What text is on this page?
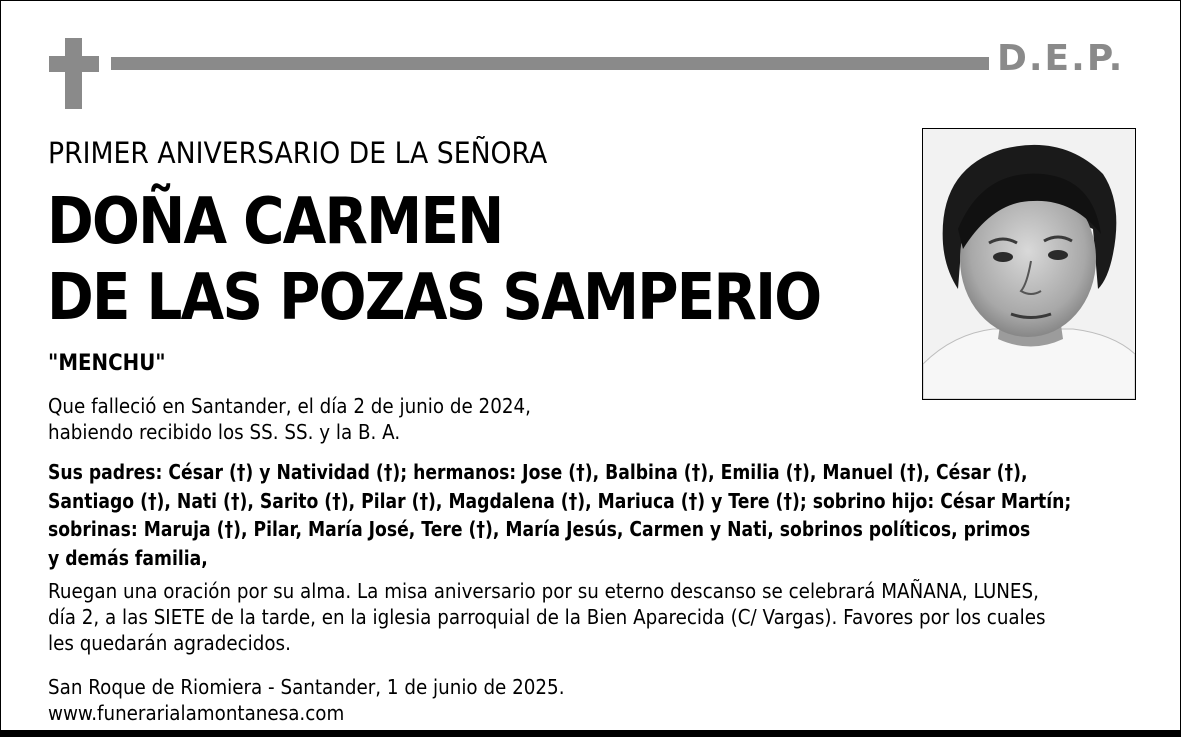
D.E.P.
PRIMER ANIVERSARIO DE LA SEÑORA
DOÑA CARMEN
DE LAS POZAS SAMPERIO
"MENCHU"
Que falleció en Santander, el día 2 de junio de 2024,
habiendo recibido los SS. SS. y la B. A.
Sus padres: César (†) y Natividad (†); hermanos: Jose (†), Balbina (†), Emilia (†), Manuel (†), César (†),
Santiago (†), Nati (†), Sarito (†), Pilar (†), Magdalena (†), Mariuca (†) y Tere (†); sobrino hijo: César Martín;
sobrinas: Maruja (†), Pilar, María José, Tere (†), María Jesús, Carmen y Nati, sobrinos políticos, primos
y demás familia,
Ruegan una oración por su alma. La misa aniversario por su eterno descanso se celebrará MAÑANA, LUNES,
día 2, a las SIETE de la tarde, en la iglesia parroquial de la Bien Aparecida (C/ Vargas). Favores por los cuales
les quedarán agradecidos.
San Roque de Riomiera - Santander, 1 de junio de 2025.
www.funerarialamontanesa.com
